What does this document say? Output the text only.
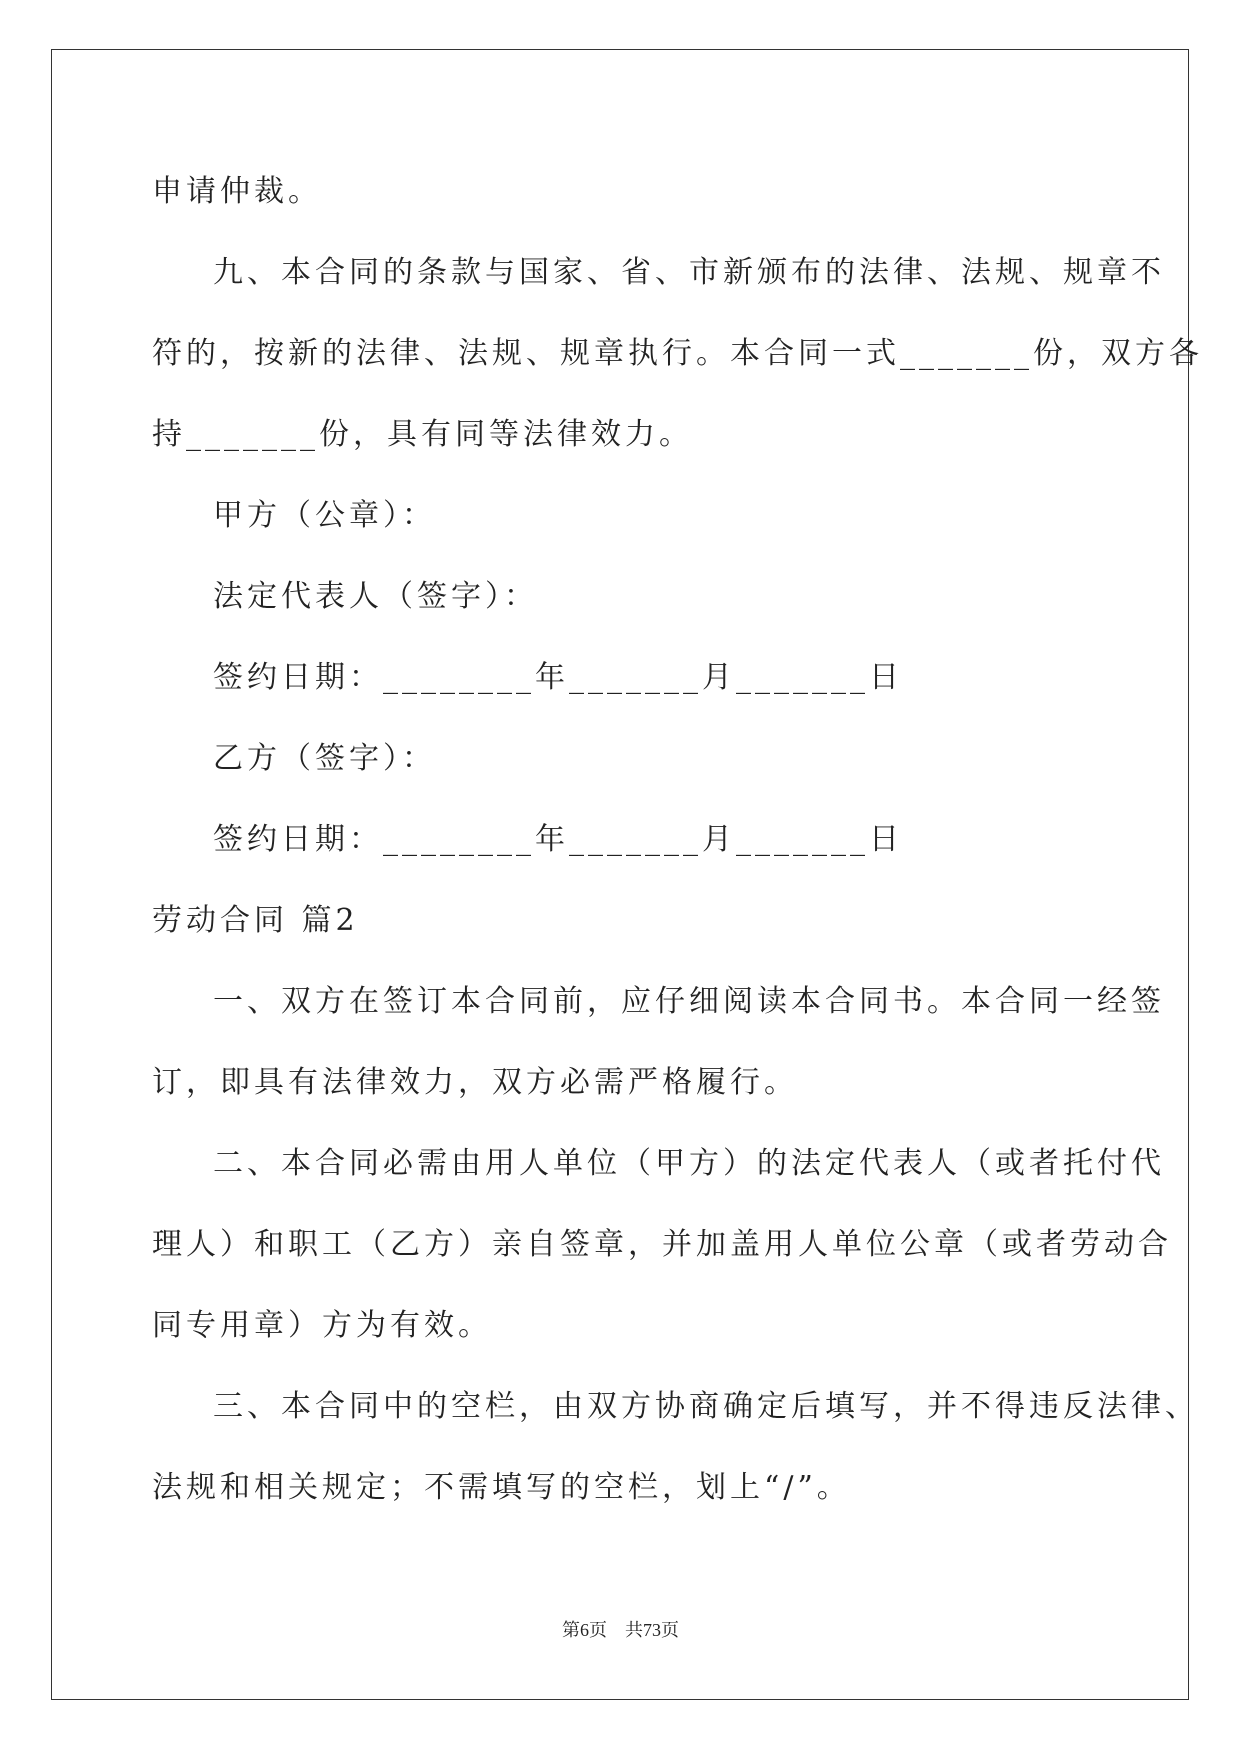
申请仲裁。
九、本合同的条款与国家、省、市新颁布的法律、法规、规章不
符的，按新的法律、法规、规章执行。本合同一式_______份，双方各
持_______份，具有同等法律效力。
甲方（公章）：
法定代表人（签字）：
签约日期：________年_______月_______日
乙方（签字）：
签约日期：________年_______月_______日
劳动合同 篇2
一、双方在签订本合同前，应仔细阅读本合同书。本合同一经签
订，即具有法律效力，双方必需严格履行。
二、本合同必需由用人单位（甲方）的法定代表人（或者托付代
理人）和职工（乙方）亲自签章，并加盖用人单位公章（或者劳动合
同专用章）方为有效。
三、本合同中的空栏，由双方协商确定后填写，并不得违反法律、
法规和相关规定；不需填写的空栏，划上“/”。
第6页　共73页
